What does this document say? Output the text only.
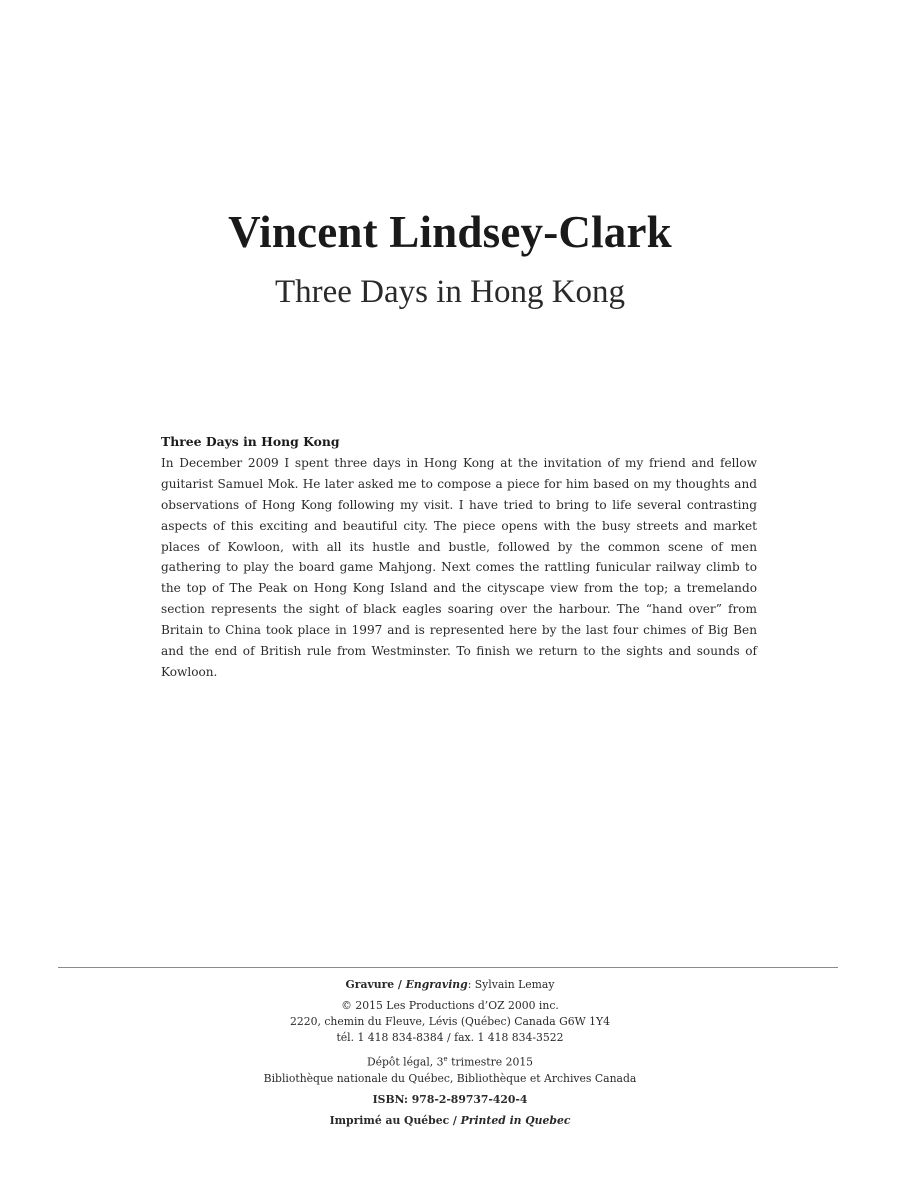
Vincent Lindsey-Clark
Three Days in Hong Kong
Three Days in Hong Kong
In December 2009 I spent three days in Hong Kong at the invitation of my friend and fellow guitarist Samuel Mok. He later asked me to compose a piece for him based on my thoughts and observations of Hong Kong following my visit. I have tried to bring to life several contrasting aspects of this exciting and beautiful city. The piece opens with the busy streets and market places of Kowloon, with all its hustle and bustle, followed by the common scene of men gathering to play the board game Mahjong. Next comes the rattling funicular railway climb to the top of The Peak on Hong Kong Island and the cityscape view from the top; a tremelando section represents the sight of black eagles soaring over the harbour. The “hand over” from Britain to China took place in 1997 and is represented here by the last four chimes of Big Ben and the end of British rule from Westminster. To finish we return to the sights and sounds of Kowloon.
Gravure / Engraving: Sylvain Lemay
© 2015 Les Productions d’OZ 2000 inc.
2220, chemin du Fleuve, Lévis (Québec) Canada G6W 1Y4
tél. 1 418 834-8384 / fax. 1 418 834-3522
Dépôt légal, 3e trimestre 2015
Bibliothèque nationale du Québec, Bibliothèque et Archives Canada
ISBN: 978-2-89737-420-4
Imprimé au Québec / Printed in Quebec
